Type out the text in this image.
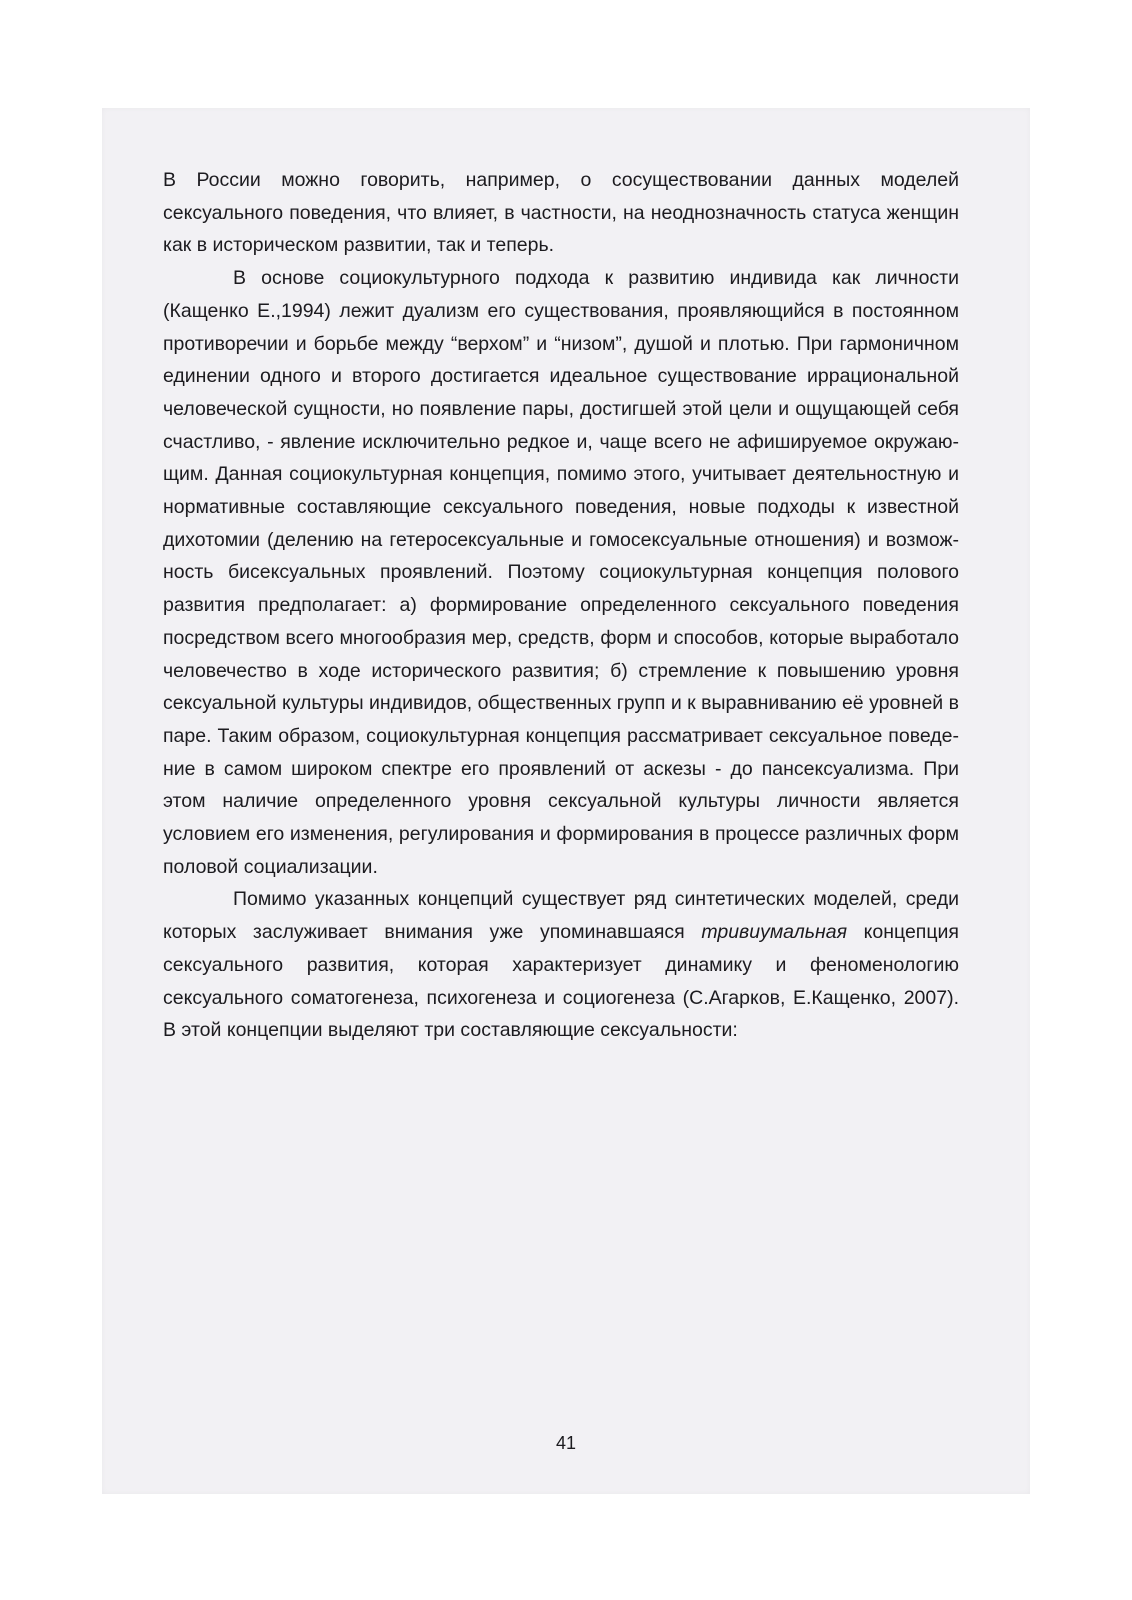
В России можно говорить, например, о сосуществовании данных моделей сексуального поведения, что влияет, в частности, на неоднозначность статуса женщин как в историческом развитии, так и теперь.

В основе социокультурного подхода к развитию индивида как личности (Кащенко Е.,1994) лежит дуализм его существования, проявляющийся в постоянном противоречии и борьбе между “верхом” и “низом”, душой и плотью. При гармоничном единении одного и второго достигается идеальное существование иррациональной человеческой сущности, но появление пары, достигшей этой цели и ощущающей себя счастливо, - явление исключительно редкое и, чаще всего не афишируемое окружающим. Данная социокультурная концепция, помимо этого, учитывает деятельностную и нормативные составляющие сексуального поведения, новые подходы к известной дихотомии (делению на гетеросексуальные и гомосексуальные отношения) и возможность бисексуальных проявлений. Поэтому социокультурная концепция полового развития предполагает: а) формирование определенного сексуального поведения посредством всего многообразия мер, средств, форм и способов, которые выработало человечество в ходе исторического развития; б) стремление к повышению уровня сексуальной культуры индивидов, общественных групп и к выравниванию её уровней в паре. Таким образом, социокультурная концепция рассматривает сексуальное поведение в самом широком спектре его проявлений от аскезы - до пансексуализма. При этом наличие определенного уровня сексуальной культуры личности является условием его изменения, регулирования и формирования в процессе различных форм половой социализации.

Помимо указанных концепций существует ряд синтетических моделей, среди которых заслуживает внимания уже упоминавшаяся тривиумальная концепция сексуального развития, которая характеризует динамику и феноменологию сексуального соматогенеза, психогенеза и социогенеза (С.Агарков, Е.Кащенко, 2007). В этой концепции выделяют три составляющие сексуальности:

41
